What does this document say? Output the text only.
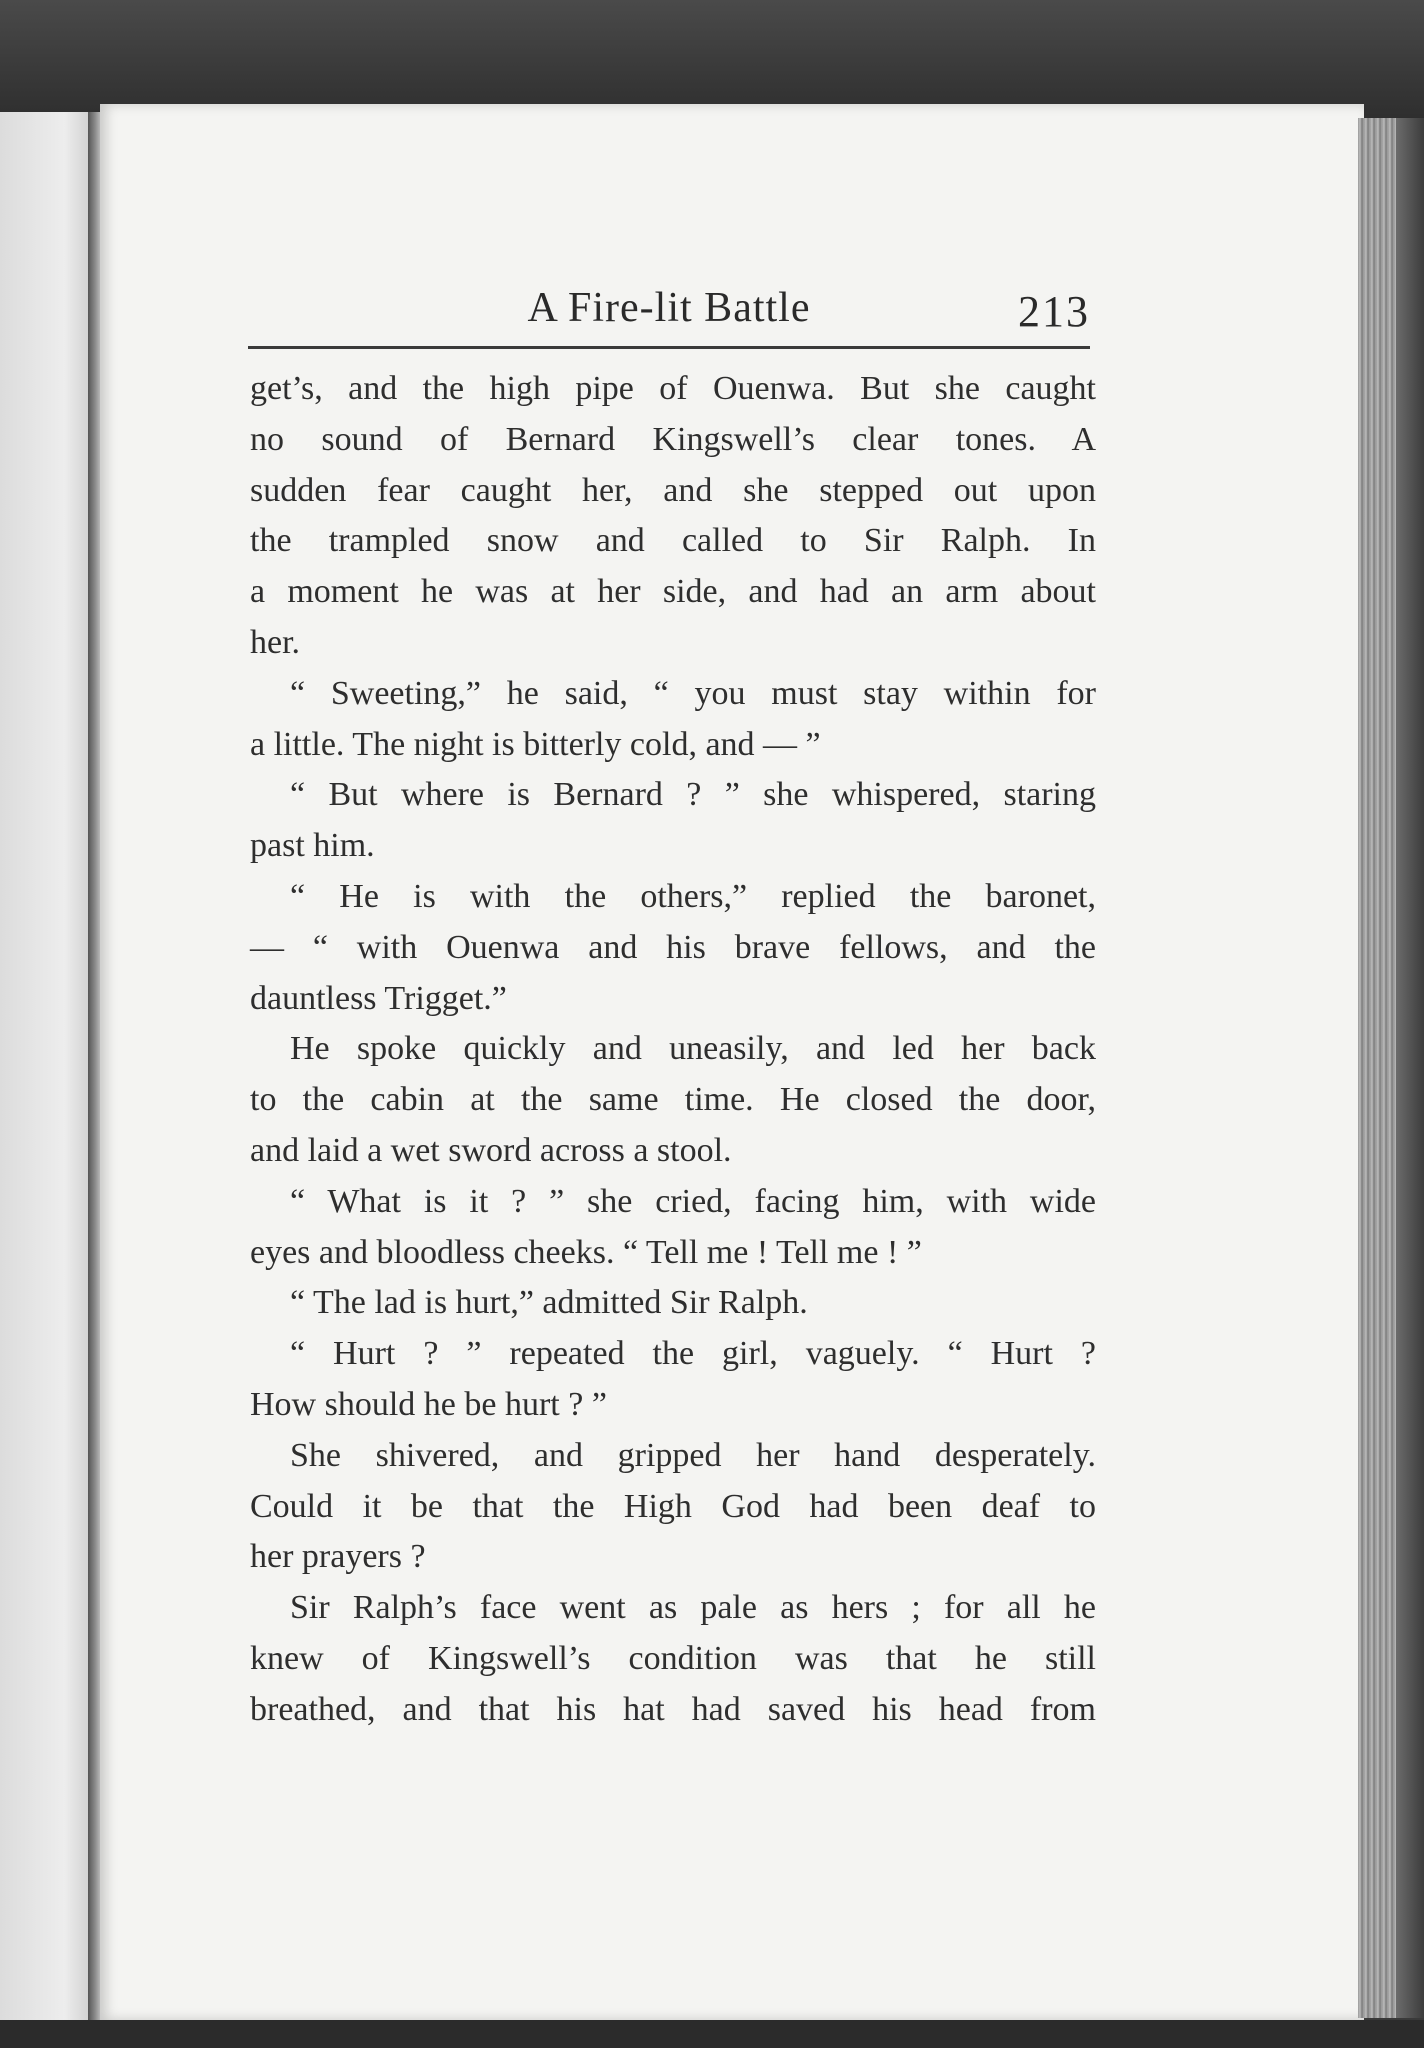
A Fire-lit Battle	213
get’s, and the high pipe of Ouenwa. But she caught
no sound of Bernard Kingswell’s clear tones. A
sudden fear caught her, and she stepped out upon
the trampled snow and called to Sir Ralph. In
a moment he was at her side, and had an arm about
her.
“ Sweeting,” he said, “ you must stay within for
a little. The night is bitterly cold, and — ”
“ But where is Bernard ? ” she whispered, staring
past him.
“ He is with the others,” replied the baronet,
— “ with Ouenwa and his brave fellows, and the
dauntless Trigget.”
He spoke quickly and uneasily, and led her back
to the cabin at the same time. He closed the door,
and laid a wet sword across a stool.
“ What is it ? ” she cried, facing him, with wide
eyes and bloodless cheeks. “ Tell me ! Tell me ! ”
“ The lad is hurt,” admitted Sir Ralph.
“ Hurt ? ” repeated the girl, vaguely. “ Hurt ?
How should he be hurt ? ”
She shivered, and gripped her hand desperately.
Could it be that the High God had been deaf to
her prayers ?
Sir Ralph’s face went as pale as hers ; for all he
knew of Kingswell’s condition was that he still
breathed, and that his hat had saved his head from
